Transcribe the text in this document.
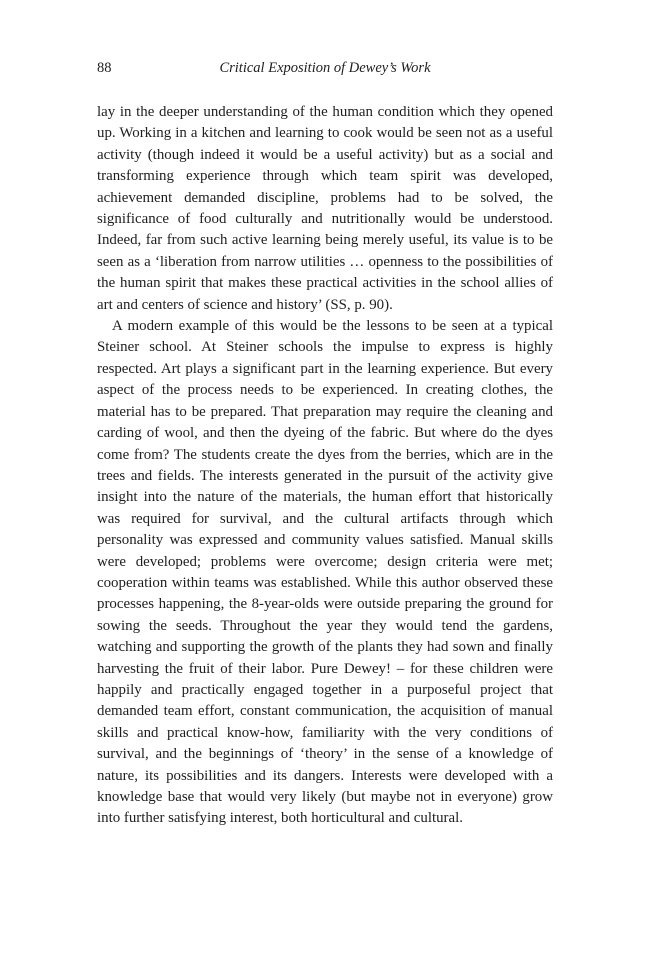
88	Critical Exposition of Dewey’s Work

lay in the deeper understanding of the human condition which they opened up. Working in a kitchen and learning to cook would be seen not as a useful activity (though indeed it would be a useful activity) but as a social and transforming experience through which team spirit was developed, achievement demanded discipline, problems had to be solved, the significance of food culturally and nutritionally would be understood. Indeed, far from such active learning being merely useful, its value is to be seen as a ‘liberation from narrow utilities … openness to the possibilities of the human spirit that makes these practical activities in the school allies of art and centers of science and history’ (SS, p. 90).

A modern example of this would be the lessons to be seen at a typical Steiner school. At Steiner schools the impulse to express is highly respected. Art plays a significant part in the learning experience. But every aspect of the process needs to be experienced. In creating clothes, the material has to be prepared. That preparation may require the cleaning and carding of wool, and then the dyeing of the fabric. But where do the dyes come from? The students create the dyes from the berries, which are in the trees and fields. The interests generated in the pursuit of the activity give insight into the nature of the materials, the human effort that historically was required for survival, and the cultural artifacts through which personality was expressed and community values satisfied. Manual skills were developed; problems were overcome; design criteria were met; cooperation within teams was established. While this author observed these processes happening, the 8-year-olds were outside preparing the ground for sowing the seeds. Throughout the year they would tend the gardens, watching and supporting the growth of the plants they had sown and finally harvesting the fruit of their labor. Pure Dewey! – for these children were happily and practically engaged together in a purposeful project that demanded team effort, constant communication, the acquisition of manual skills and practical know-how, familiarity with the very conditions of survival, and the beginnings of ‘theory’ in the sense of a knowledge of nature, its possibilities and its dangers. Interests were developed with a knowledge base that would very likely (but maybe not in everyone) grow into further satisfying interest, both horticultural and cultural.
